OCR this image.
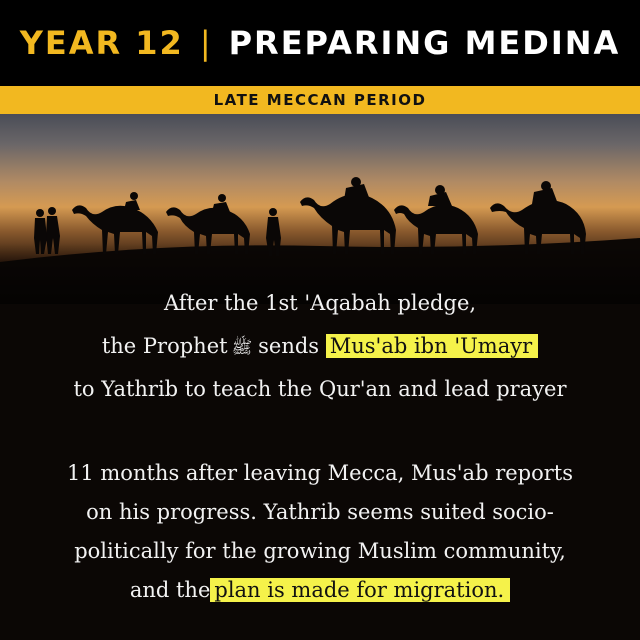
YEAR 12 | PREPARING MEDINA
LATE MECCAN PERIOD
After the 1st 'Aqabah pledge,
the Prophet ﷺ sends Mus'ab ibn 'Umayr
to Yathrib to teach the Qur'an and lead prayer
11 months after leaving Mecca, Mus'ab reports
on his progress. Yathrib seems suited socio-
politically for the growing Muslim community,
and the plan is made for migration.
